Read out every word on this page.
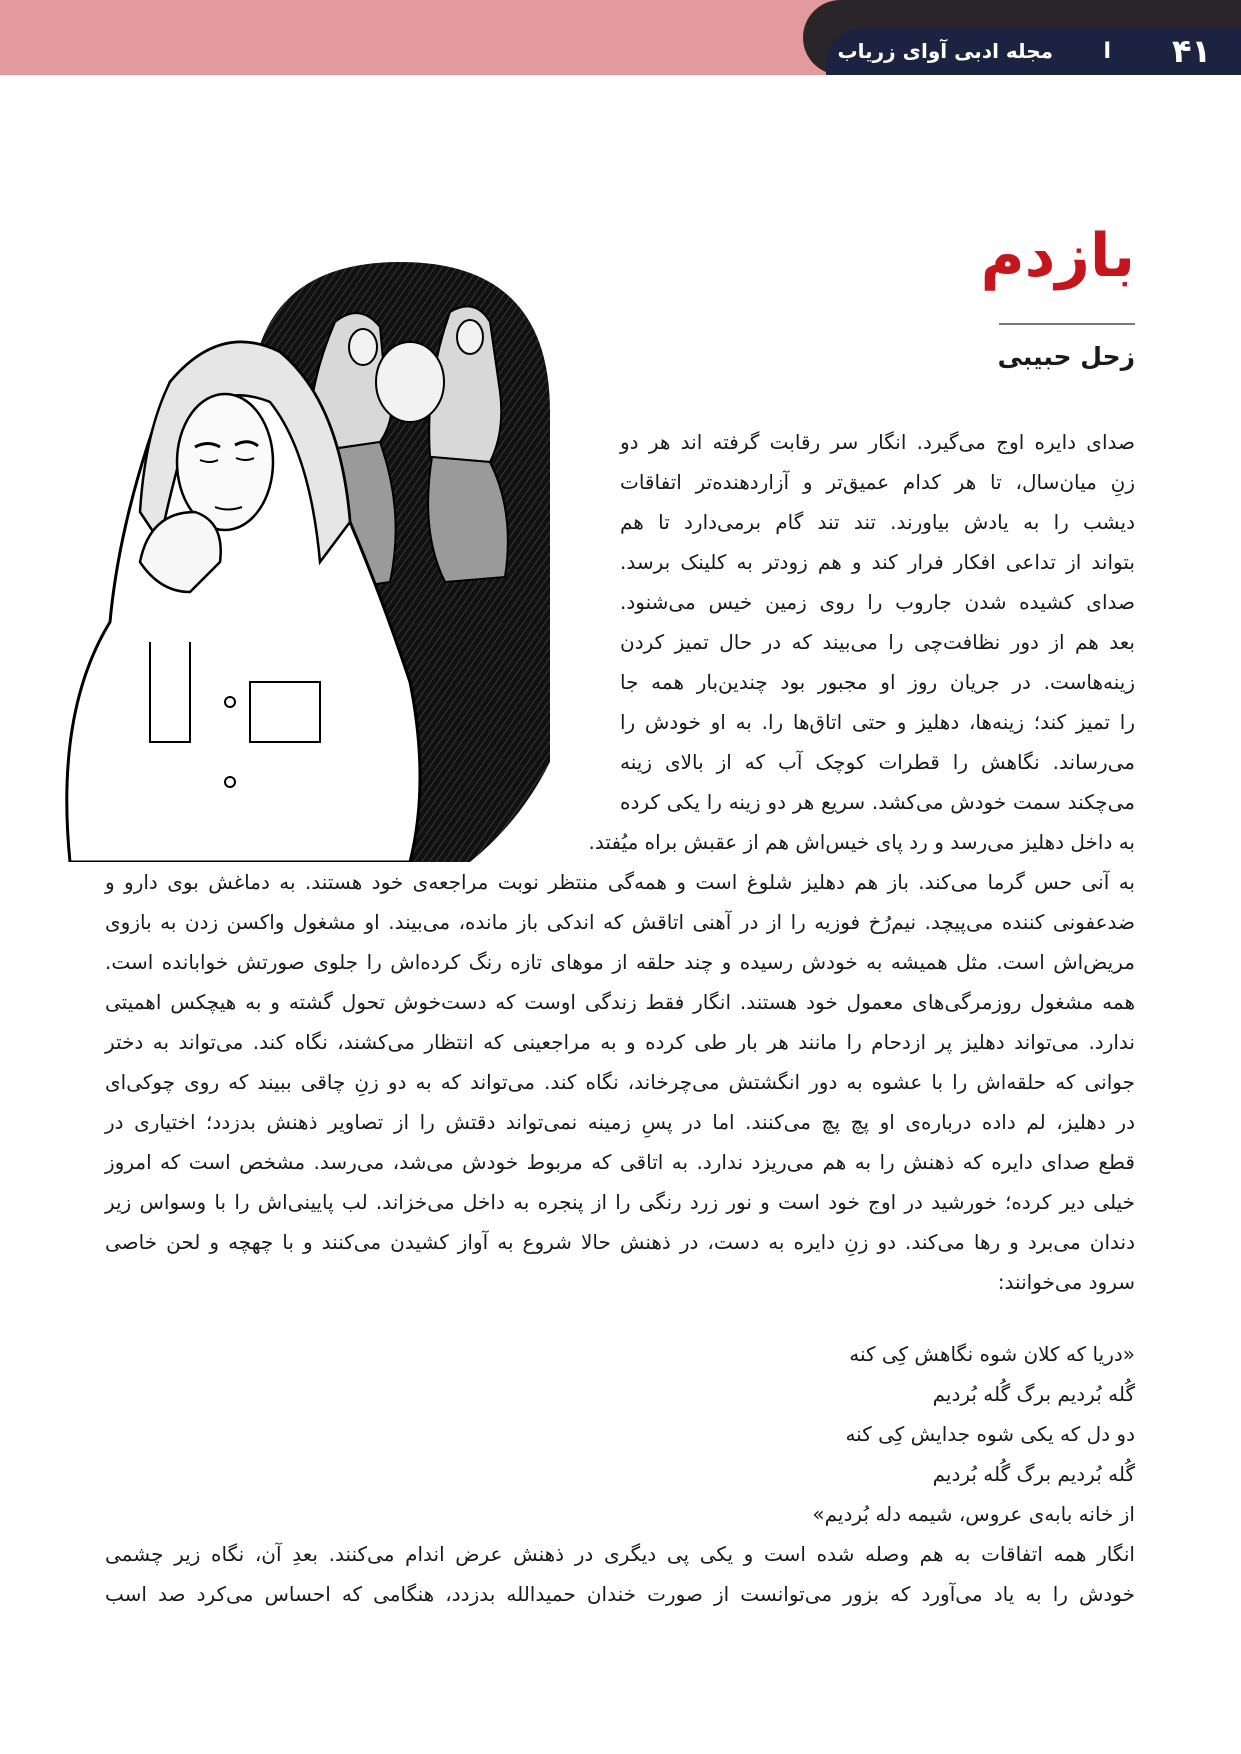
۴۱
ا
مجله ادبی آوای زریاب
بازدم
زحل حبیبی
صدای دایره اوج می‌گیرد. انگار سر رقابت گرفته اند هر دو
زنِ میان‌سال، تا هر کدام عمیق‌تر و آزاردهنده‌تر اتفاقات
دیشب را به یادش بیاورند. تند تند گام برمی‌دارد تا هم
بتواند از تداعی افکار فرار کند و هم زودتر به کلینک برسد.
صدای کشیده شدن جاروب را روی زمین خیس می‌شنود.
بعد هم از دور نظافت‌چی را می‌بیند که در حال تمیز کردن
زینه‌هاست. در جریان روز او مجبور بود چندین‌بار همه جا
را تمیز کند؛ زینه‌ها، دهلیز و حتی اتاق‌ها را. به او خودش را
می‌رساند. نگاهش را قطرات کوچک آب که از بالای زینه
می‌چکند سمت خودش می‌کشد. سریع هر دو زینه را یکی کرده
به داخل دهلیز می‌رسد و رد پای خیس‌اش هم از عقبش براه میُفتد.
به آنی حس گرما می‌کند. باز هم دهلیز شلوغ است و همه‌گی منتظر نوبت مراجعه‌ی خود هستند. به دماغش بوی دارو و
ضدعفونی کننده می‌پیچد. نیم‌رُخ فوزیه را از در آهنی اتاقش که اندکی باز مانده، می‌بیند. او مشغول واکسن زدن به بازوی
مریض‌اش است. مثل همیشه به خودش رسیده و چند حلقه از موهای تازه رنگ کرده‌اش را جلوی صورتش خوابانده است.
همه مشغول روزمرگی‌های معمول خود هستند. انگار فقط زندگی اوست که دست‌خوش تحول گشته و به هیچکس اهمیتی
ندارد. می‌تواند دهلیز پر ازدحام را مانند هر بار طی کرده و به مراجعینی که انتظار می‌کشند، نگاه کند. می‌تواند به دختر
جوانی که حلقه‌اش را با عشوه به دور انگشتش می‌چرخاند، نگاه کند. می‌تواند که به دو زنِ چاقی ببیند که روی چوکی‌ای
در دهلیز، لم داده درباره‌ی او پچ پچ می‌کنند. اما در پسِ زمینه نمی‌تواند دقتش را از تصاویر ذهنش بدزدد؛ اختیاری در
قطع صدای دایره که ذهنش را به هم می‌ریزد ندارد. به اتاقی که مربوط خودش می‌شد، می‌رسد. مشخص است که امروز
خیلی دیر کرده؛ خورشید در اوج خود است و نور زرد رنگی را از پنجره به داخل می‌خزاند. لب پایینی‌اش را با وسواس زیر
دندان می‌برد و رها می‌کند. دو زنِ دایره به دست، در ذهنش حالا شروع به آواز کشیدن می‌کنند و با چهچه و لحن خاصی
سرود می‌خوانند:
«دریا که کلان شوه نگاهش کِی کنه
گُله بُردیم برگ گُله بُردیم
دو دل که یکی شوه جدایش کِی کنه
گُله بُردیم برگ گُله بُردیم
از خانه بابه‌ی عروس، شیمه دله بُردیم»
انگار همه اتفاقات به هم وصله شده است و یکی پی دیگری در ذهنش عرض اندام می‌کنند. بعدِ آن، نگاه زیر چشمی
خودش را به یاد می‌آورد که بزور می‌توانست از صورت خندان حمیدالله بدزدد، هنگامی که احساس می‌کرد صد اسب
